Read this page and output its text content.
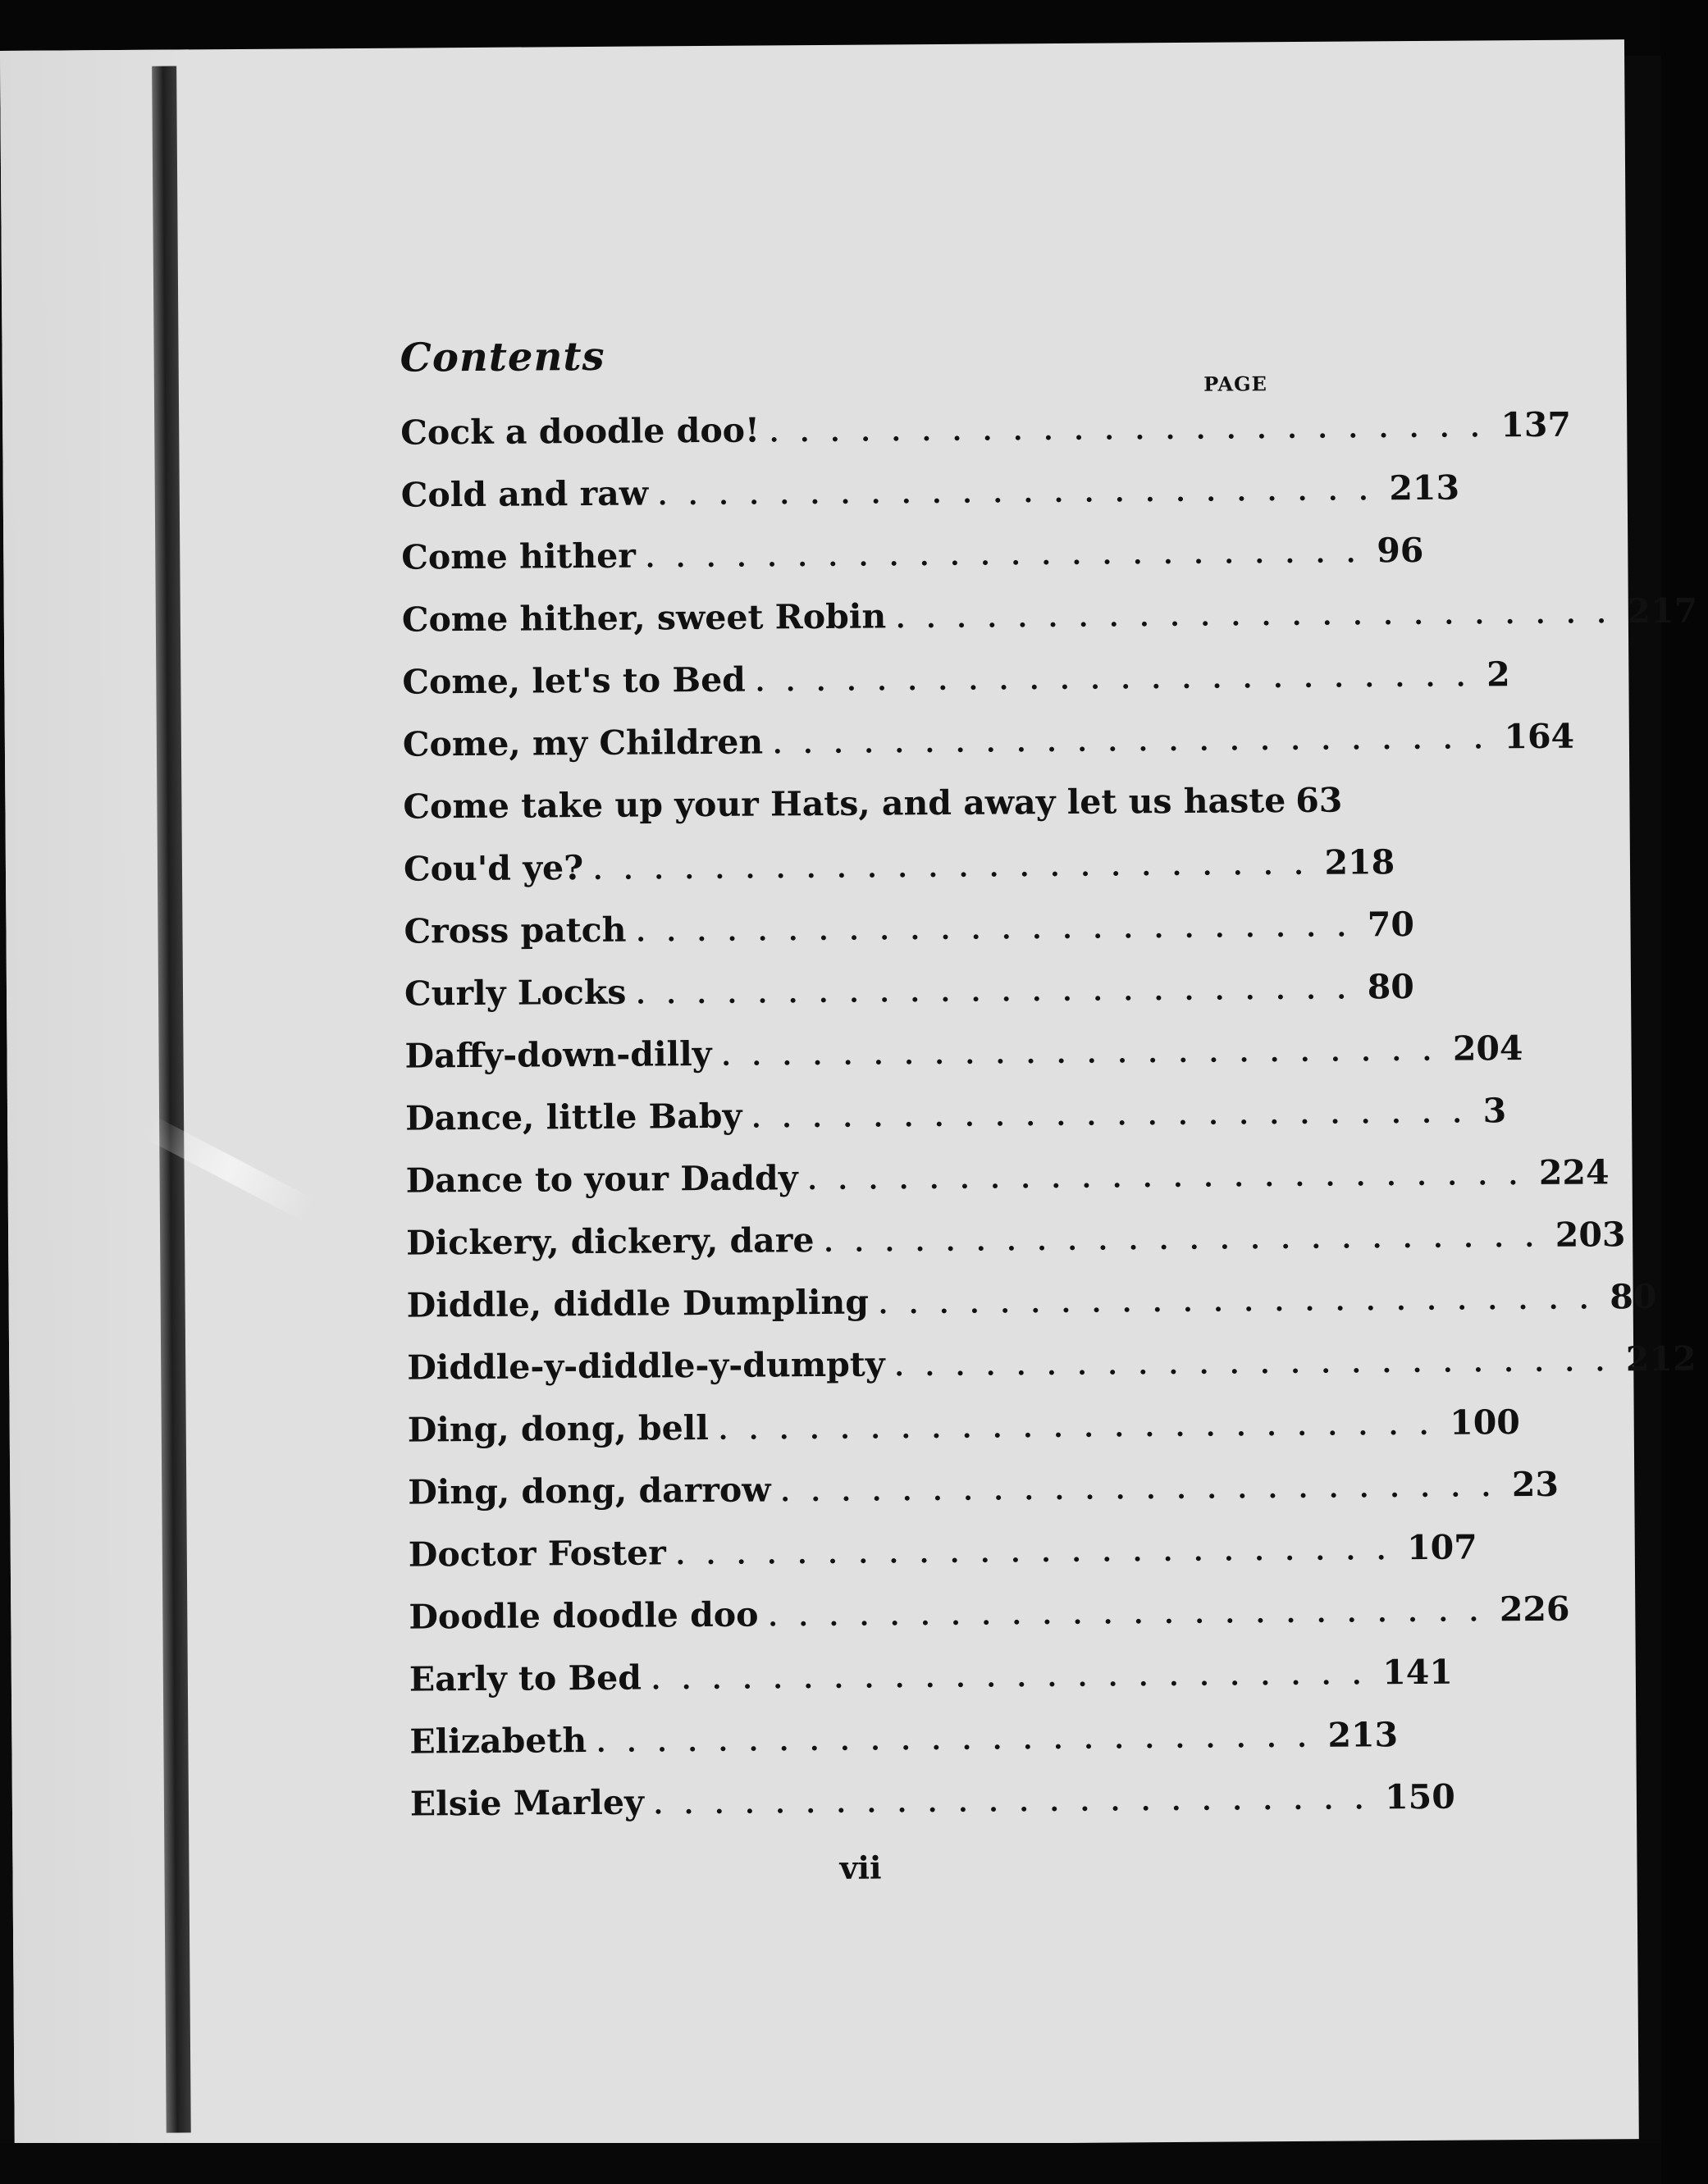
Contents
PAGE
Cock a doodle doo! ........................ 137
Cold and raw ........................ 213
Come hither ........................ 96
Come hither, sweet Robin ........................ 217
Come, let's to Bed ........................ 2
Come, my Children ........................ 164
Come take up your Hats, and away let us haste 63
Cou'd ye? ........................ 218
Cross patch ........................ 70
Curly Locks ........................ 80
Daffy-down-dilly ........................ 204
Dance, little Baby ........................ 3
Dance to your Daddy ........................ 224
Dickery, dickery, dare ........................ 203
Diddle, diddle Dumpling ........................ 80
Diddle-y-diddle-y-dumpty ........................ 212
Ding, dong, bell ........................ 100
Ding, dong, darrow ........................ 23
Doctor Foster ........................ 107
Doodle doodle doo ........................ 226
Early to Bed ........................ 141
Elizabeth ........................ 213
Elsie Marley ........................ 150
vii
